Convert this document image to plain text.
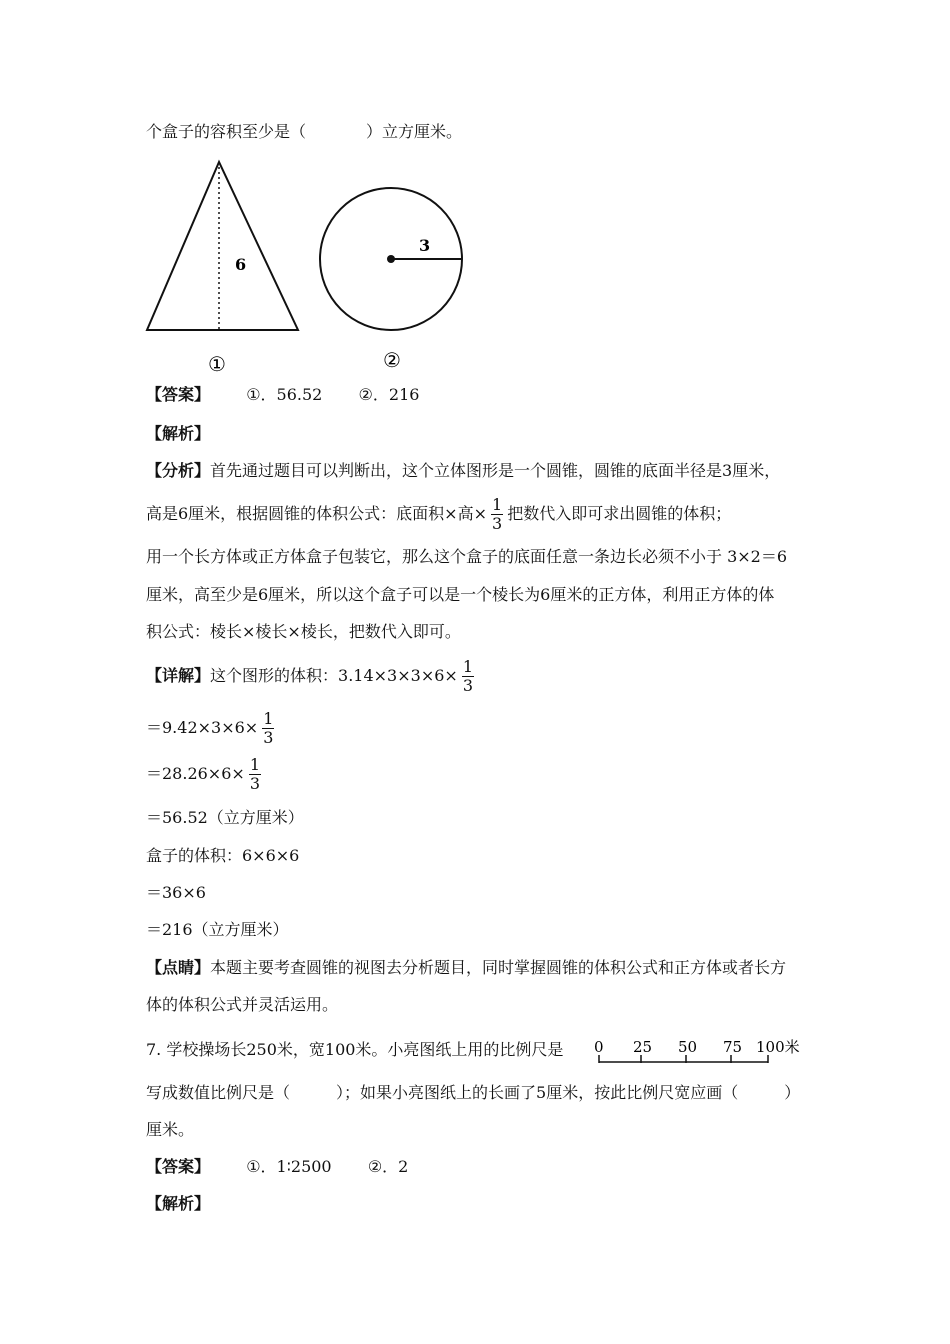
个盒子的容积至少是（	）立方厘米。
6
①
3
②
【答案】 ①．56.52 ②．216
【解析】
【分析】首先通过题目可以判断出，这个立体图形是一个圆锥，圆锥的底面半径是3厘米，
高是6厘米，根据圆锥的体积公式：底面积×高× $\frac{1}{3}$ 把数代入即可求出圆锥的体积；
用一个长方体或正方体盒子包装它，那么这个盒子的底面任意一条边长必须不小于 3×2＝6
厘米，高至少是6厘米，所以这个盒子可以是一个棱长为6厘米的正方体，利用正方体的体
积公式：棱长×棱长×棱长，把数代入即可。
【详解】这个图形的体积：$3.14\times 3\times 3\times 6\times \frac{1}{3}$
$=9.42\times 3\times 6\times \frac{1}{3}$
$=28.26\times 6\times \frac{1}{3}$
＝56.52（立方厘米）
盒子的体积：6×6×6
＝36×6
＝216（立方厘米）
【点睛】本题主要考查圆锥的视图去分析题目，同时掌握圆锥的体积公式和正方体或者长方
体的体积公式并灵活运用。
7. 学校操场长250米，宽100米。小亮图纸上用的比例尺是 0 25 50 75 100米
写成数值比例尺是（	）；如果小亮图纸上的长画了5厘米，按此比例尺宽应画（	）
厘米。
【答案】 ①．1∶2500 ②．2
【解析】
